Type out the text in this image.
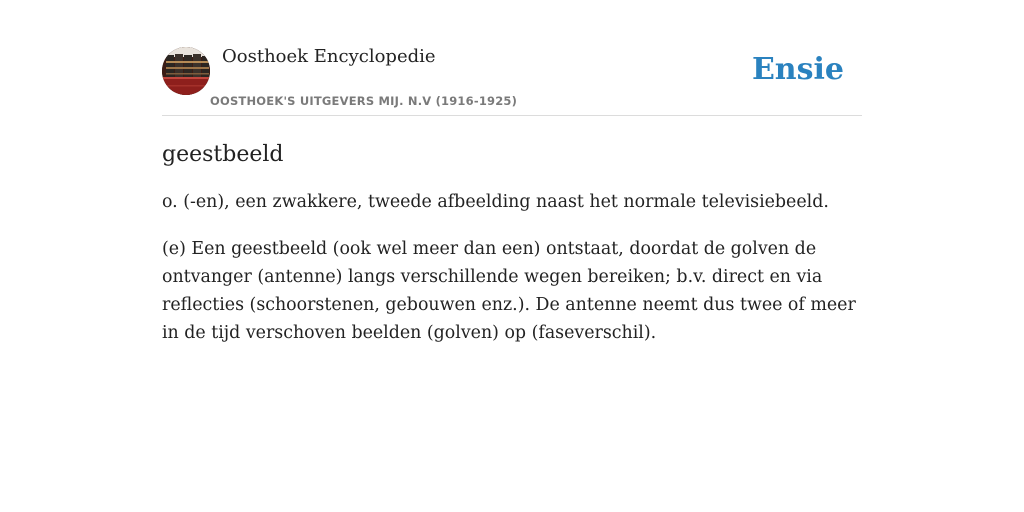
Oosthoek Encyclopedie
OOSTHOEK'S UITGEVERS MIJ. N.V (1916-1925)
Ensie
geestbeeld

o. (-en), een zwakkere, tweede afbeelding naast het normale televisiebeeld.

(e) Een geestbeeld (ook wel meer dan een) ontstaat, doordat de golven de ontvanger (antenne) langs verschillende wegen bereiken; b.v. direct en via reflecties (schoorstenen, gebouwen enz.). De antenne neemt dus twee of meer in de tijd verschoven beelden (golven) op (faseverschil).
